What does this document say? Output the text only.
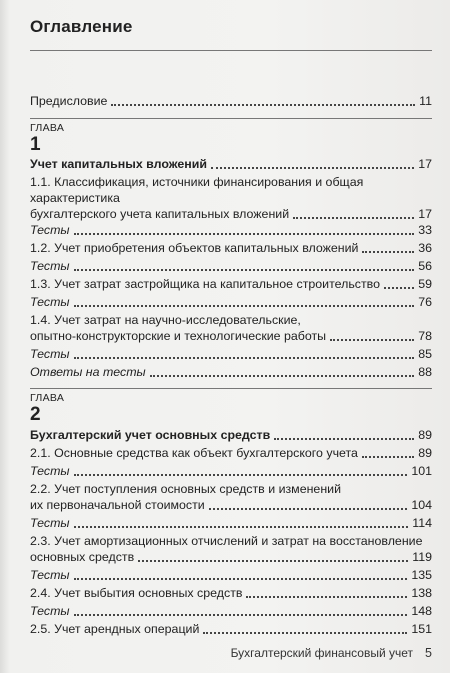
Оглавление
Предисловие	11
ГЛАВА
1
Учет капитальных вложений	17
1.1. Классификация, источники финансирования и общая
характеристика
бухгалтерского учета капитальных вложений	17
Тесты	33
1.2. Учет приобретения объектов капитальных вложений	36
Тесты	56
1.3. Учет затрат застройщика на капитальное строительство	59
Тесты	76
1.4. Учет затрат на научно-исследовательские,
опытно-конструкторские и технологические работы	78
Тесты	85
Ответы на тесты	88
ГЛАВА
2
Бухгалтерский учет основных средств	89
2.1. Основные средства как объект бухгалтерского учета	89
Тесты	101
2.2. Учет поступления основных средств и изменений
их первоначальной стоимости	104
Тесты	114
2.3. Учет амортизационных отчислений и затрат на восстановление
основных средств	119
Тесты	135
2.4. Учет выбытия основных средств	138
Тесты	148
2.5. Учет арендных операций	151
Бухгалтерский финансовый учет 5
